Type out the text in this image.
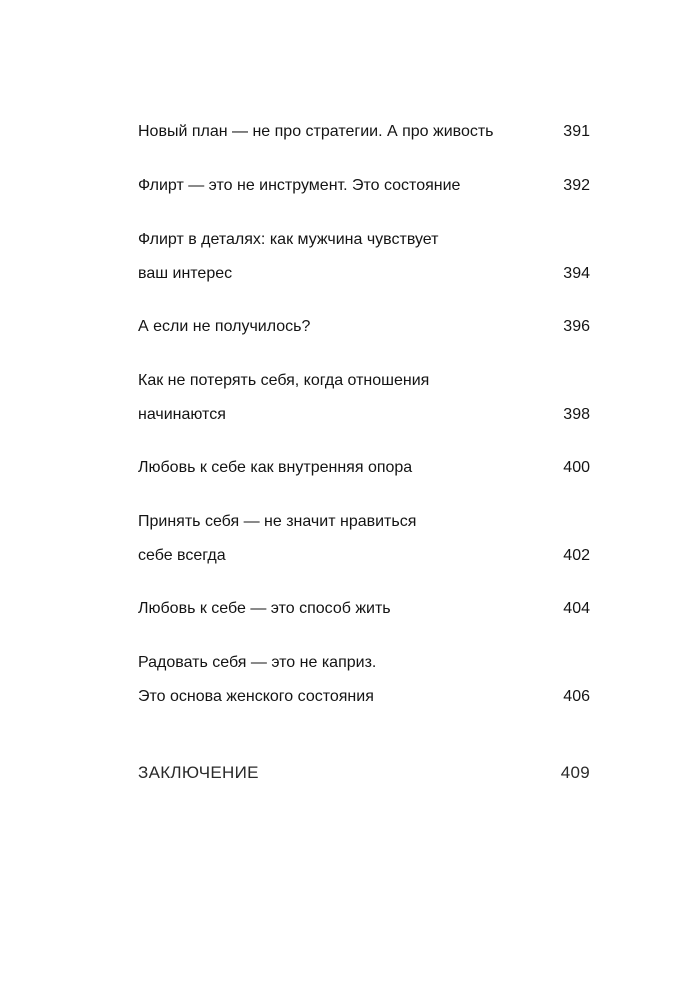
Новый план — не про стратегии. А про живость	391
Флирт — это не инструмент. Это состояние	392
Флирт в деталях: как мужчина чувствует
ваш интерес	394
А если не получилось?	396
Как не потерять себя, когда отношения
начинаются	398
Любовь к себе как внутренняя опора	400
Принять себя — не значит нравиться
себе всегда	402
Любовь к себе — это способ жить	404
Радовать себя — это не каприз.
Это основа женского состояния	406
ЗАКЛЮЧЕНИЕ	409
